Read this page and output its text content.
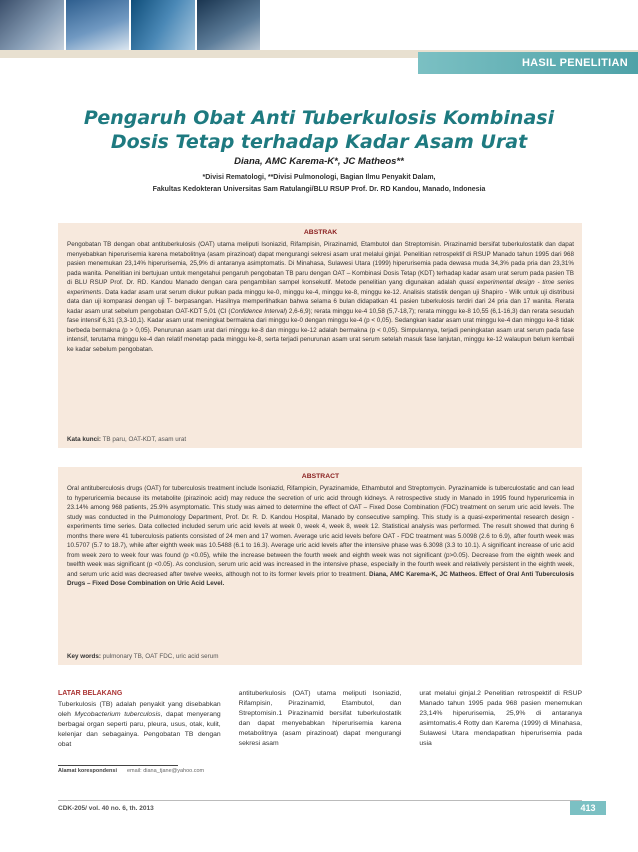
HASIL PENELITIAN
Pengaruh Obat Anti Tuberkulosis Kombinasi
Dosis Tetap terhadap Kadar Asam Urat
Diana, AMC Karema-K*, JC Matheos**
*Divisi Rematologi, **Divisi Pulmonologi, Bagian Ilmu Penyakit Dalam,
Fakultas Kedokteran Universitas Sam Ratulangi/BLU RSUP Prof. Dr. RD Kandou, Manado, Indonesia
ABSTRAK

Pengobatan TB dengan obat antituberkulosis (OAT) utama meliputi Isoniazid, Rifampisin, Pirazinamid, Etambutol dan Streptomisin. Pirazinamid bersifat tuberkulostatik dan dapat menyebabkan hiperurisemia karena metabolitnya (asam pirazinoat) dapat mengurangi sekresi asam urat melalui ginjal. Penelitian retrospektif di RSUP Manado tahun 1995 dari 968 pasien menemukan 23,14% hiperurisemia, 25,9% di antaranya asimptomatis. Di Minahasa, Sulawesi Utara (1999) hiperurisemia pada dewasa muda 34,3% pada pria dan 23,31% pada wanita. Penelitian ini bertujuan untuk mengetahui pengaruh pengobatan TB paru dengan OAT – Kombinasi Dosis Tetap (KDT) terhadap kadar asam urat serum pada pasien TB di BLU RSUP Prof. Dr. RD. Kandou Manado dengan cara pengambilan sampel konsekutif. Metode penelitian yang digunakan adalah quasi experimental design - time series experiments. Data kadar asam urat serum diukur pulkan pada minggu ke-0, minggu ke-4, minggu ke-8, minggu ke-12. Analisis statistik dengan uji Shapiro - Wilk untuk uji distribusi data dan uji komparasi dengan uji T- berpasangan. Hasilnya memperlihatkan bahwa selama 6 bulan didapatkan 41 pasien tuberkulosis terdiri dari 24 pria dan 17 wanita. Rerata kadar asam urat sebelum pengobatan OAT-KDT 5,01 (CI (Confidence Interval) 2,6-6,9); rerata minggu ke-4 10,58 (5,7-18,7); rerata minggu ke-8 10,55 (6,1-16,3) dan rerata sesudah fase intensif 6,31 (3,3-10,1). Kadar asam urat meningkat bermakna dari minggu ke-0 dengan minggu ke-4 (p < 0,05). Sedangkan kadar asam urat minggu ke-4 dan minggu ke-8 tidak berbeda bermakna (p > 0,05). Penurunan asam urat dari minggu ke-8 dan minggu ke-12 adalah bermakna (p < 0,05). Simpulannya, terjadi peningkatan asam urat serum pada fase intensif, terutama minggu ke-4 dan relatif menetap pada minggu ke-8, serta terjadi penurunan asam urat serum setelah masuk fase lanjutan, minggu ke-12 walaupun belum kembali ke kadar sebelum pengobatan.

Kata kunci: TB paru, OAT-KDT, asam urat
ABSTRACT

Oral antituberculosis drugs (OAT) for tuberculosis treatment include Isoniazid, Rifampicin, Pyrazinamide, Ethambutol and Streptomycin. Pyrazinamide is tuberculostatic and can lead to hyperuricemia because its metabolite (pirazinoic acid) may reduce the secretion of uric acid through kidneys. A retrospective study in Manado in 1995 found hyperuricemia in 23.14% among 968 patients, 25.9% asymptomatic. This study was aimed to determine the effect of OAT – Fixed Dose Combination (FDC) treatment on serum uric acid levels. The study was conducted in the Pulmonology Department, Prof. Dr. R. D. Kandou Hospital, Manado by consecutive sampling. This study is a quasi-experimental research design - experiments time series. Data collected included serum uric acid levels at week 0, week 4, week 8, week 12. Statistical analysis was performed. The result showed that during 6 months there were 41 tuberculosis patients consisted of 24 men and 17 women. Average uric acid levels before OAT - FDC treatment was 5.0098 (2.6 to 6.9), after fourth week was 10.5707 (5.7 to 18.7), while after eighth week was 10.5488 (6.1 to 16.3). Average uric acid levels after the intensive phase was 6.3098 (3.3 to 10.1). A significant increase of uric acid from week zero to week four was found (p <0.05), while the increase between the fourth week and eighth week was not significant (p>0.05). Decrease from the eighth week and twelfth week was significant (p <0.05). As conclusion, serum uric acid was increased in the intensive phase, especially in the fourth week and relatively persistent in the eighth week, and serum uric acid was decreased after twelve weeks, although not to its former levels prior to treatment. Diana, AMC Karema-K, JC Matheos. Effect of Oral Anti Tuberculosis Drugs – Fixed Dose Combination on Uric Acid Level.

Key words: pulmonary TB, OAT FDC, uric acid serum
LATAR BELAKANG
Tuberkulosis (TB) adalah penyakit yang disebabkan oleh Mycobacterium tuberculosis, dapat menyerang berbagai organ seperti paru, pleura, usus, otak, kulit, kelenjar dan sebagainya. Pengobatan TB dengan obat
antituberkulosis (OAT) utama meliputi Isoniazid, Rifampisin, Pirazinamid, Etambutol, dan Streptomisin.1 Pirazinamid bersifat tuberkulostatik dan dapat menyebabkan hiperurisemia karena metabolitnya (asam pirazinoat) dapat mengurangi sekresi asam
urat melalui ginjal.2 Penelitian retrospektif di RSUP Manado tahun 1995 pada 968 pasien menemukan 23,14% hiperurisemia, 25,9% di antaranya asimtomatis.4 Rotty dan Karema (1999) di Minahasa, Sulawesi Utara mendapatkan hiperurisemia pada usia
Alamat korespondensi email: diana_tjane@yahoo.com
CDK-205/ vol. 40 no. 6, th. 2013	413
